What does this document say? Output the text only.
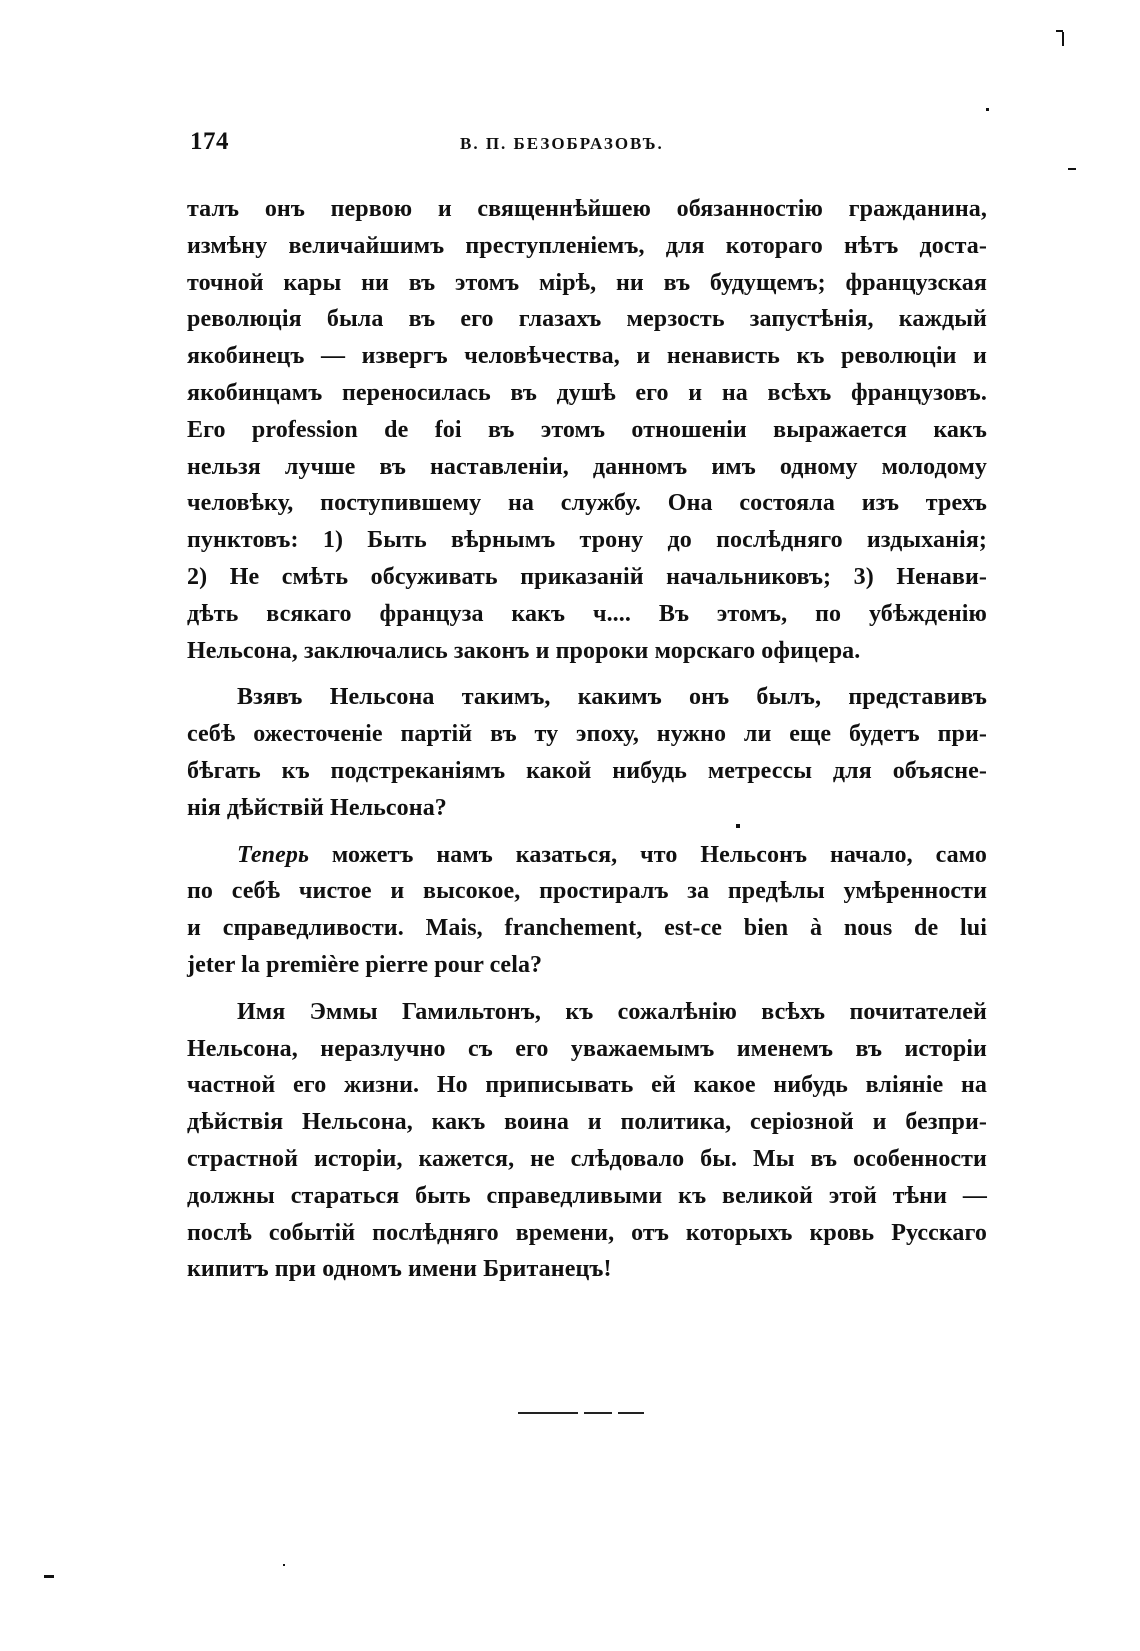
174	В. П. БЕЗОБРАЗОВЪ.
талъ онъ первою и священнѣйшею обязанностію гражданина,
измѣну величайшимъ преступленіемъ, для котораго нѣтъ доста-
точной кары ни въ этомъ мірѣ, ни въ будущемъ; французская
революція была въ его глазахъ мерзость запустѣнія, каждый
якобинецъ — извергъ человѣчества, и ненависть къ революціи и
якобинцамъ переносилась въ душѣ его и на всѣхъ французовъ.
Его profession de foi въ этомъ отношеніи выражается какъ
нельзя лучше въ наставленіи, данномъ имъ одному молодому
человѣку, поступившему на службу. Она состояла изъ трехъ
пунктовъ: 1) Быть вѣрнымъ трону до послѣдняго издыханія;
2) Не смѣть обсуживать приказаній начальниковъ; 3) Ненави-
дѣть всякаго француза какъ ч.... Въ этомъ, по убѣжденію
Нельсона, заключались законъ и пророки морскаго офицера.
Взявъ Нельсона такимъ, какимъ онъ былъ, представивъ
себѣ ожесточеніе партій въ ту эпоху, нужно ли еще будетъ при-
бѣгать къ подстреканіямъ какой нибудь метрессы для объясне-
нія дѣйствій Нельсона?
Теперь можетъ намъ казаться, что Нельсонъ начало, само
по себѣ чистое и высокое, простиралъ за предѣлы умѣренности
и справедливости. Mais, franchement, est-ce bien à nous de lui
jeter la première pierre pour cela?
Имя Эммы Гамильтонъ, къ сожалѣнію всѣхъ почитателей
Нельсона, неразлучно съ его уважаемымъ именемъ въ исторіи
частной его жизни. Но приписывать ей какое нибудь вліяніе на
дѣйствія Нельсона, какъ воина и политика, серіозной и безпри-
страстной исторіи, кажется, не слѣдовало бы. Мы въ особенности
должны стараться быть справедливыми къ великой этой тѣни —
послѣ событій послѣдняго времени, отъ которыхъ кровь Русскаго
кипитъ при одномъ имени Британецъ!
